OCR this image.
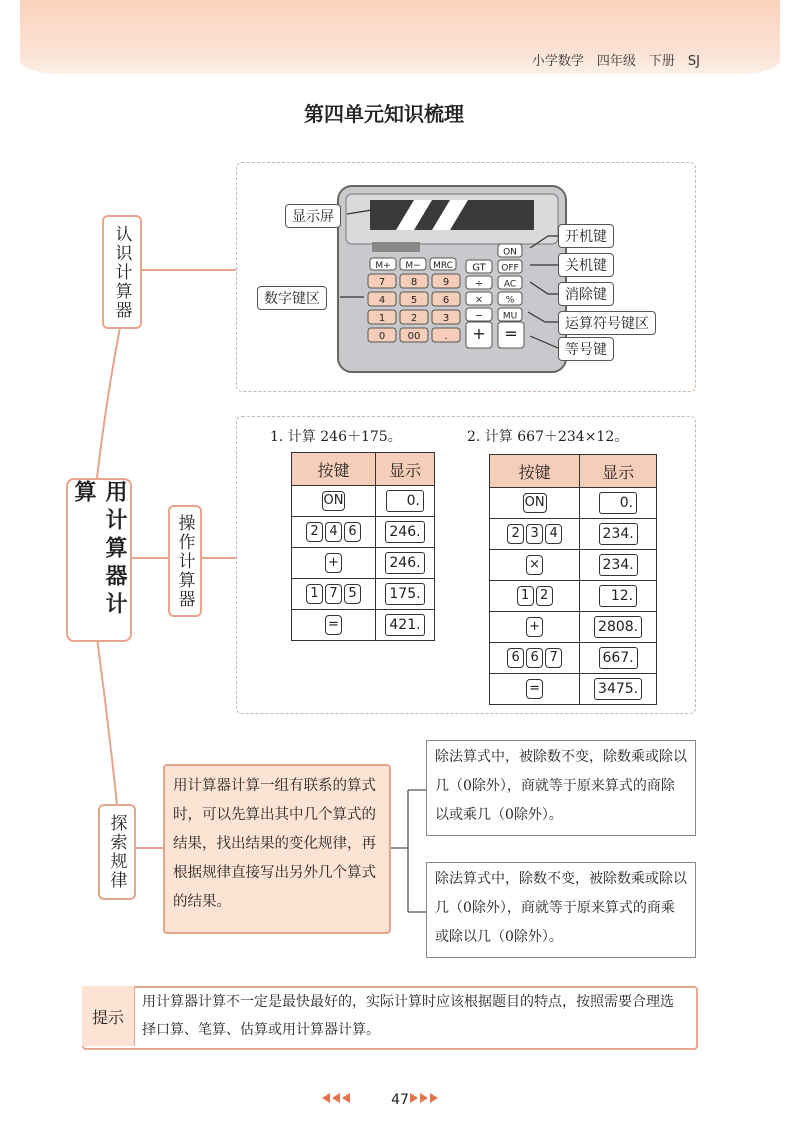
小学数学　四年级　下册　SJ
第四单元知识梳理
用计算器计算
认识计算器
操作计算器
探索规律
M+ M− MRC
7	8	9
4	5	6
1	2	3
0 00 .
GT
÷
×
−
ON
OFF
AC
%
MU
+ =
显示屏
开机键
关机键
消除键
数字键区
运算符号键区
等号键
1. 计算 246＋175。	2. 计算 667＋234×12。
按键	显示
ON	0.
2 4 6	246.
+	246.
1 7 5	175.
=	421.
按键	显示
ON	0.
2 3 4	234.
×	234.
1 2	12.
+	2808.
6 6 7	667.
=	3475.
用计算器计算一组有联系的算式时，可以先算出其中几个算式的结果，找出结果的变化规律，再根据规律直接写出另外几个算式的结果。
除法算式中，被除数不变，除数乘或除以几（0除外），商就等于原来算式的商除以或乘几（0除外）。
除法算式中，除数不变，被除数乘或除以几（0除外），商就等于原来算式的商乘或除以几（0除外）。
提示
用计算器计算不一定是最快最好的，实际计算时应该根据题目的特点，按照需要合理选择口算、笔算、估算或用计算器计算。
47
